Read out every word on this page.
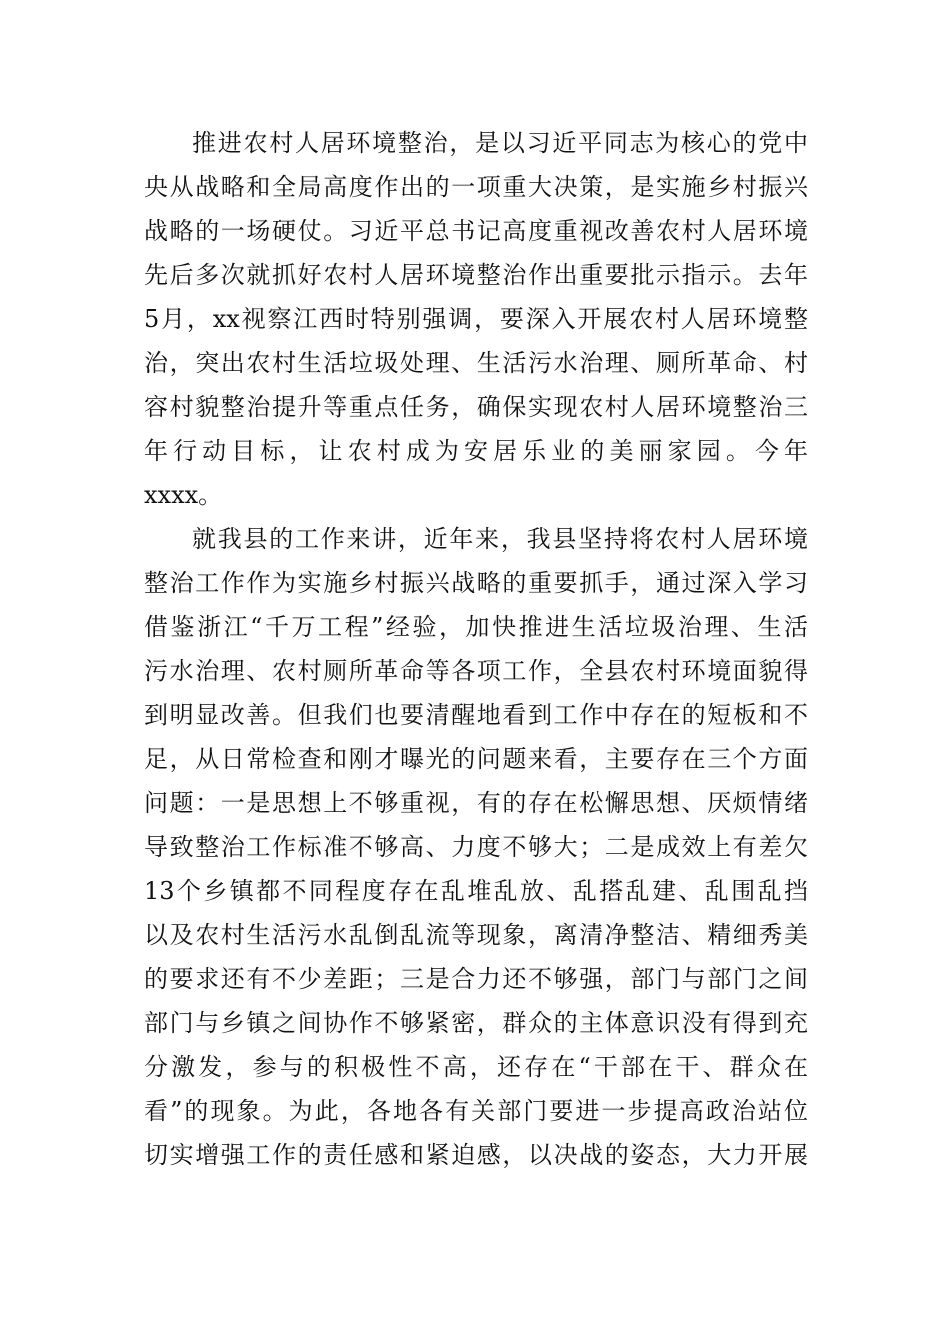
推进农村人居环境整治，是以习近平同志为核心的党中
央从战略和全局高度作出的一项重大决策，是实施乡村振兴
战略的一场硬仗。习近平总书记高度重视改善农村人居环境
先后多次就抓好农村人居环境整治作出重要批示指示。去年
5月，xx视察江西时特别强调，要深入开展农村人居环境整
治，突出农村生活垃圾处理、生活污水治理、厕所革命、村
容村貌整治提升等重点任务，确保实现农村人居环境整治三
年行动目标，让农村成为安居乐业的美丽家园。今年
xxxx。
就我县的工作来讲，近年来，我县坚持将农村人居环境
整治工作作为实施乡村振兴战略的重要抓手，通过深入学习
借鉴浙江“千万工程”经验，加快推进生活垃圾治理、生活
污水治理、农村厕所革命等各项工作，全县农村环境面貌得
到明显改善。但我们也要清醒地看到工作中存在的短板和不
足，从日常检查和刚才曝光的问题来看，主要存在三个方面
问题：一是思想上不够重视，有的存在松懈思想、厌烦情绪
导致整治工作标准不够高、力度不够大；二是成效上有差欠
13个乡镇都不同程度存在乱堆乱放、乱搭乱建、乱围乱挡
以及农村生活污水乱倒乱流等现象，离清净整洁、精细秀美
的要求还有不少差距；三是合力还不够强，部门与部门之间
部门与乡镇之间协作不够紧密，群众的主体意识没有得到充
分激发，参与的积极性不高，还存在“干部在干、群众在
看”的现象。为此，各地各有关部门要进一步提高政治站位
切实增强工作的责任感和紧迫感，以决战的姿态，大力开展
